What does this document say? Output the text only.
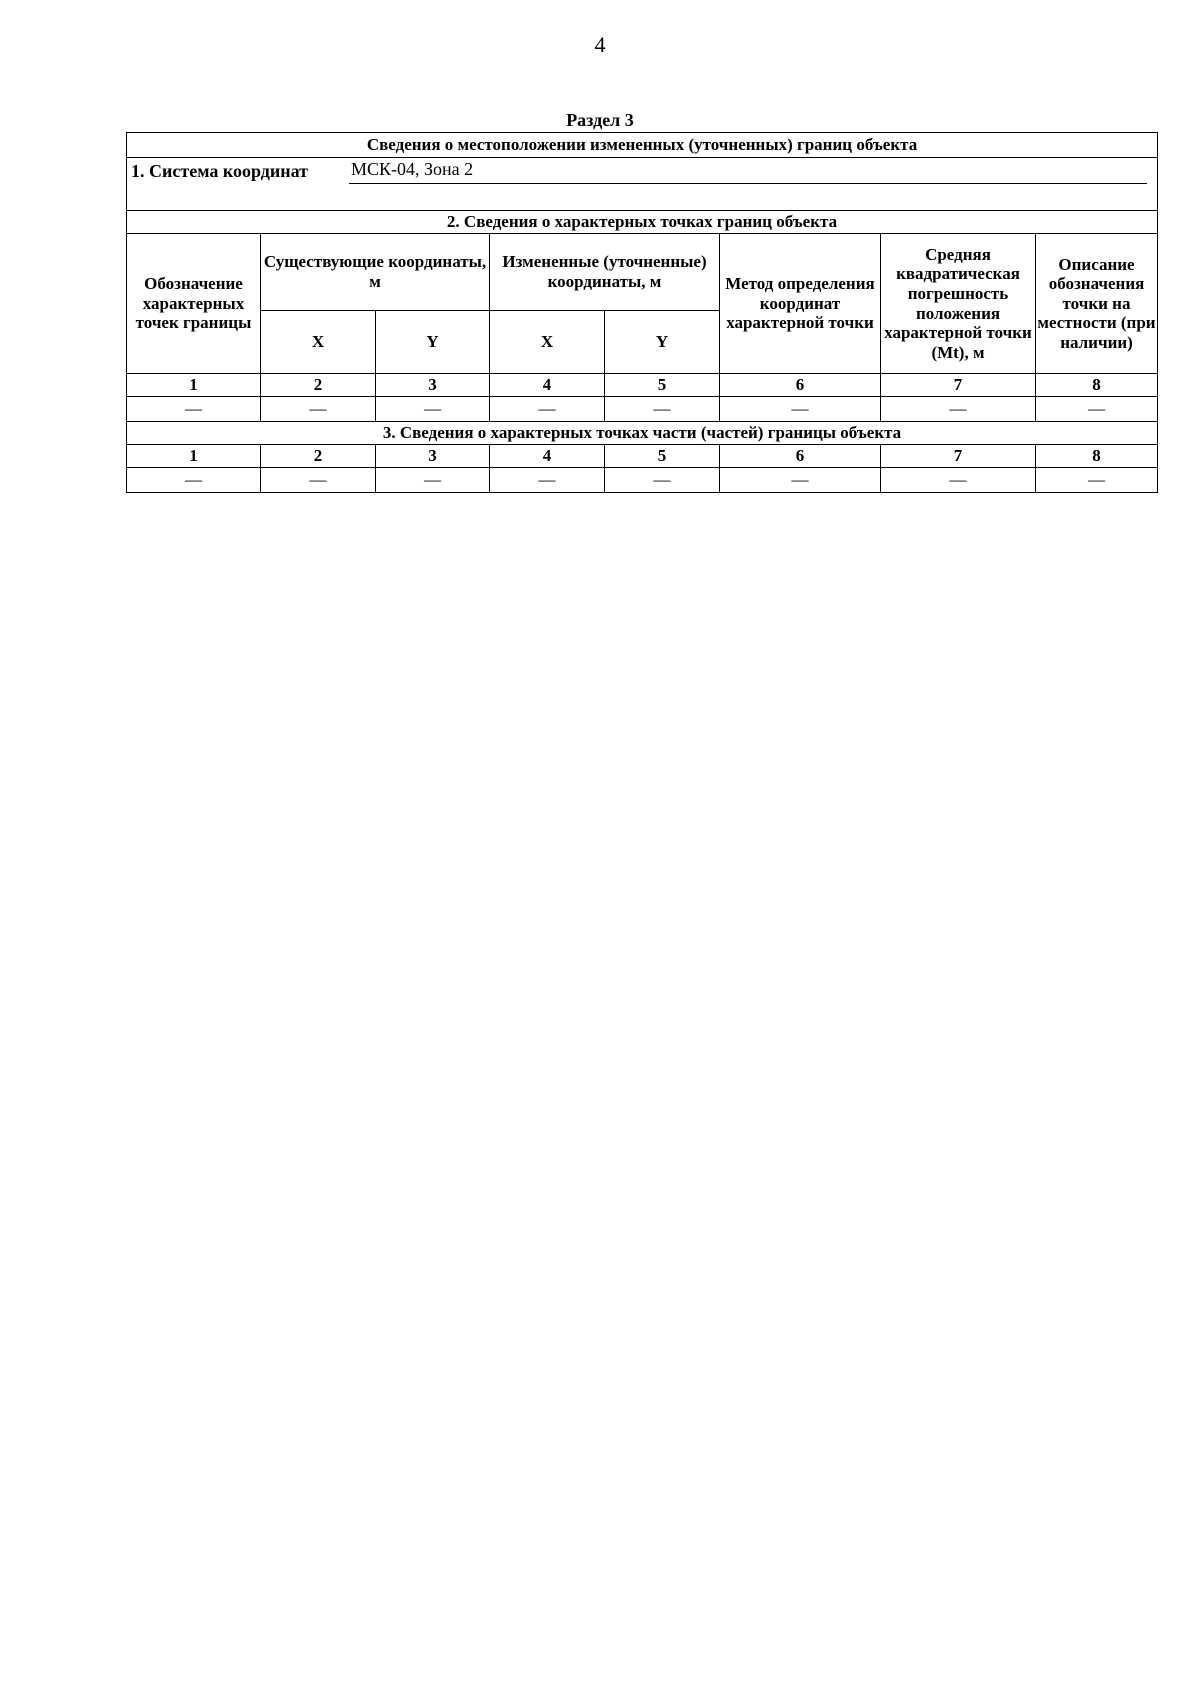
4
Раздел 3
Сведения о местоположении измененных (уточненных) границ объекта							

1. Система координат МСК-04, Зона 2							

2. Сведения о характерных точках границ объекта							
Обозначение характерных точек границы	Существующие координаты, м		Измененные (уточненные) координаты, м		Метод определения координат характерной точки	Средняя квадратическая погрешность положения характерной точки (Mt), м	Описание обозначения точки на местности (при наличии)
	X	Y	X	Y			
1	2	3	4	5	6	7	8
—	—	—	—	—	—	—	—
3. Сведения о характерных точках части (частей) границы объекта							
1	2	3	4	5	6	7	8
—	—	—	—	—	—	—	—
